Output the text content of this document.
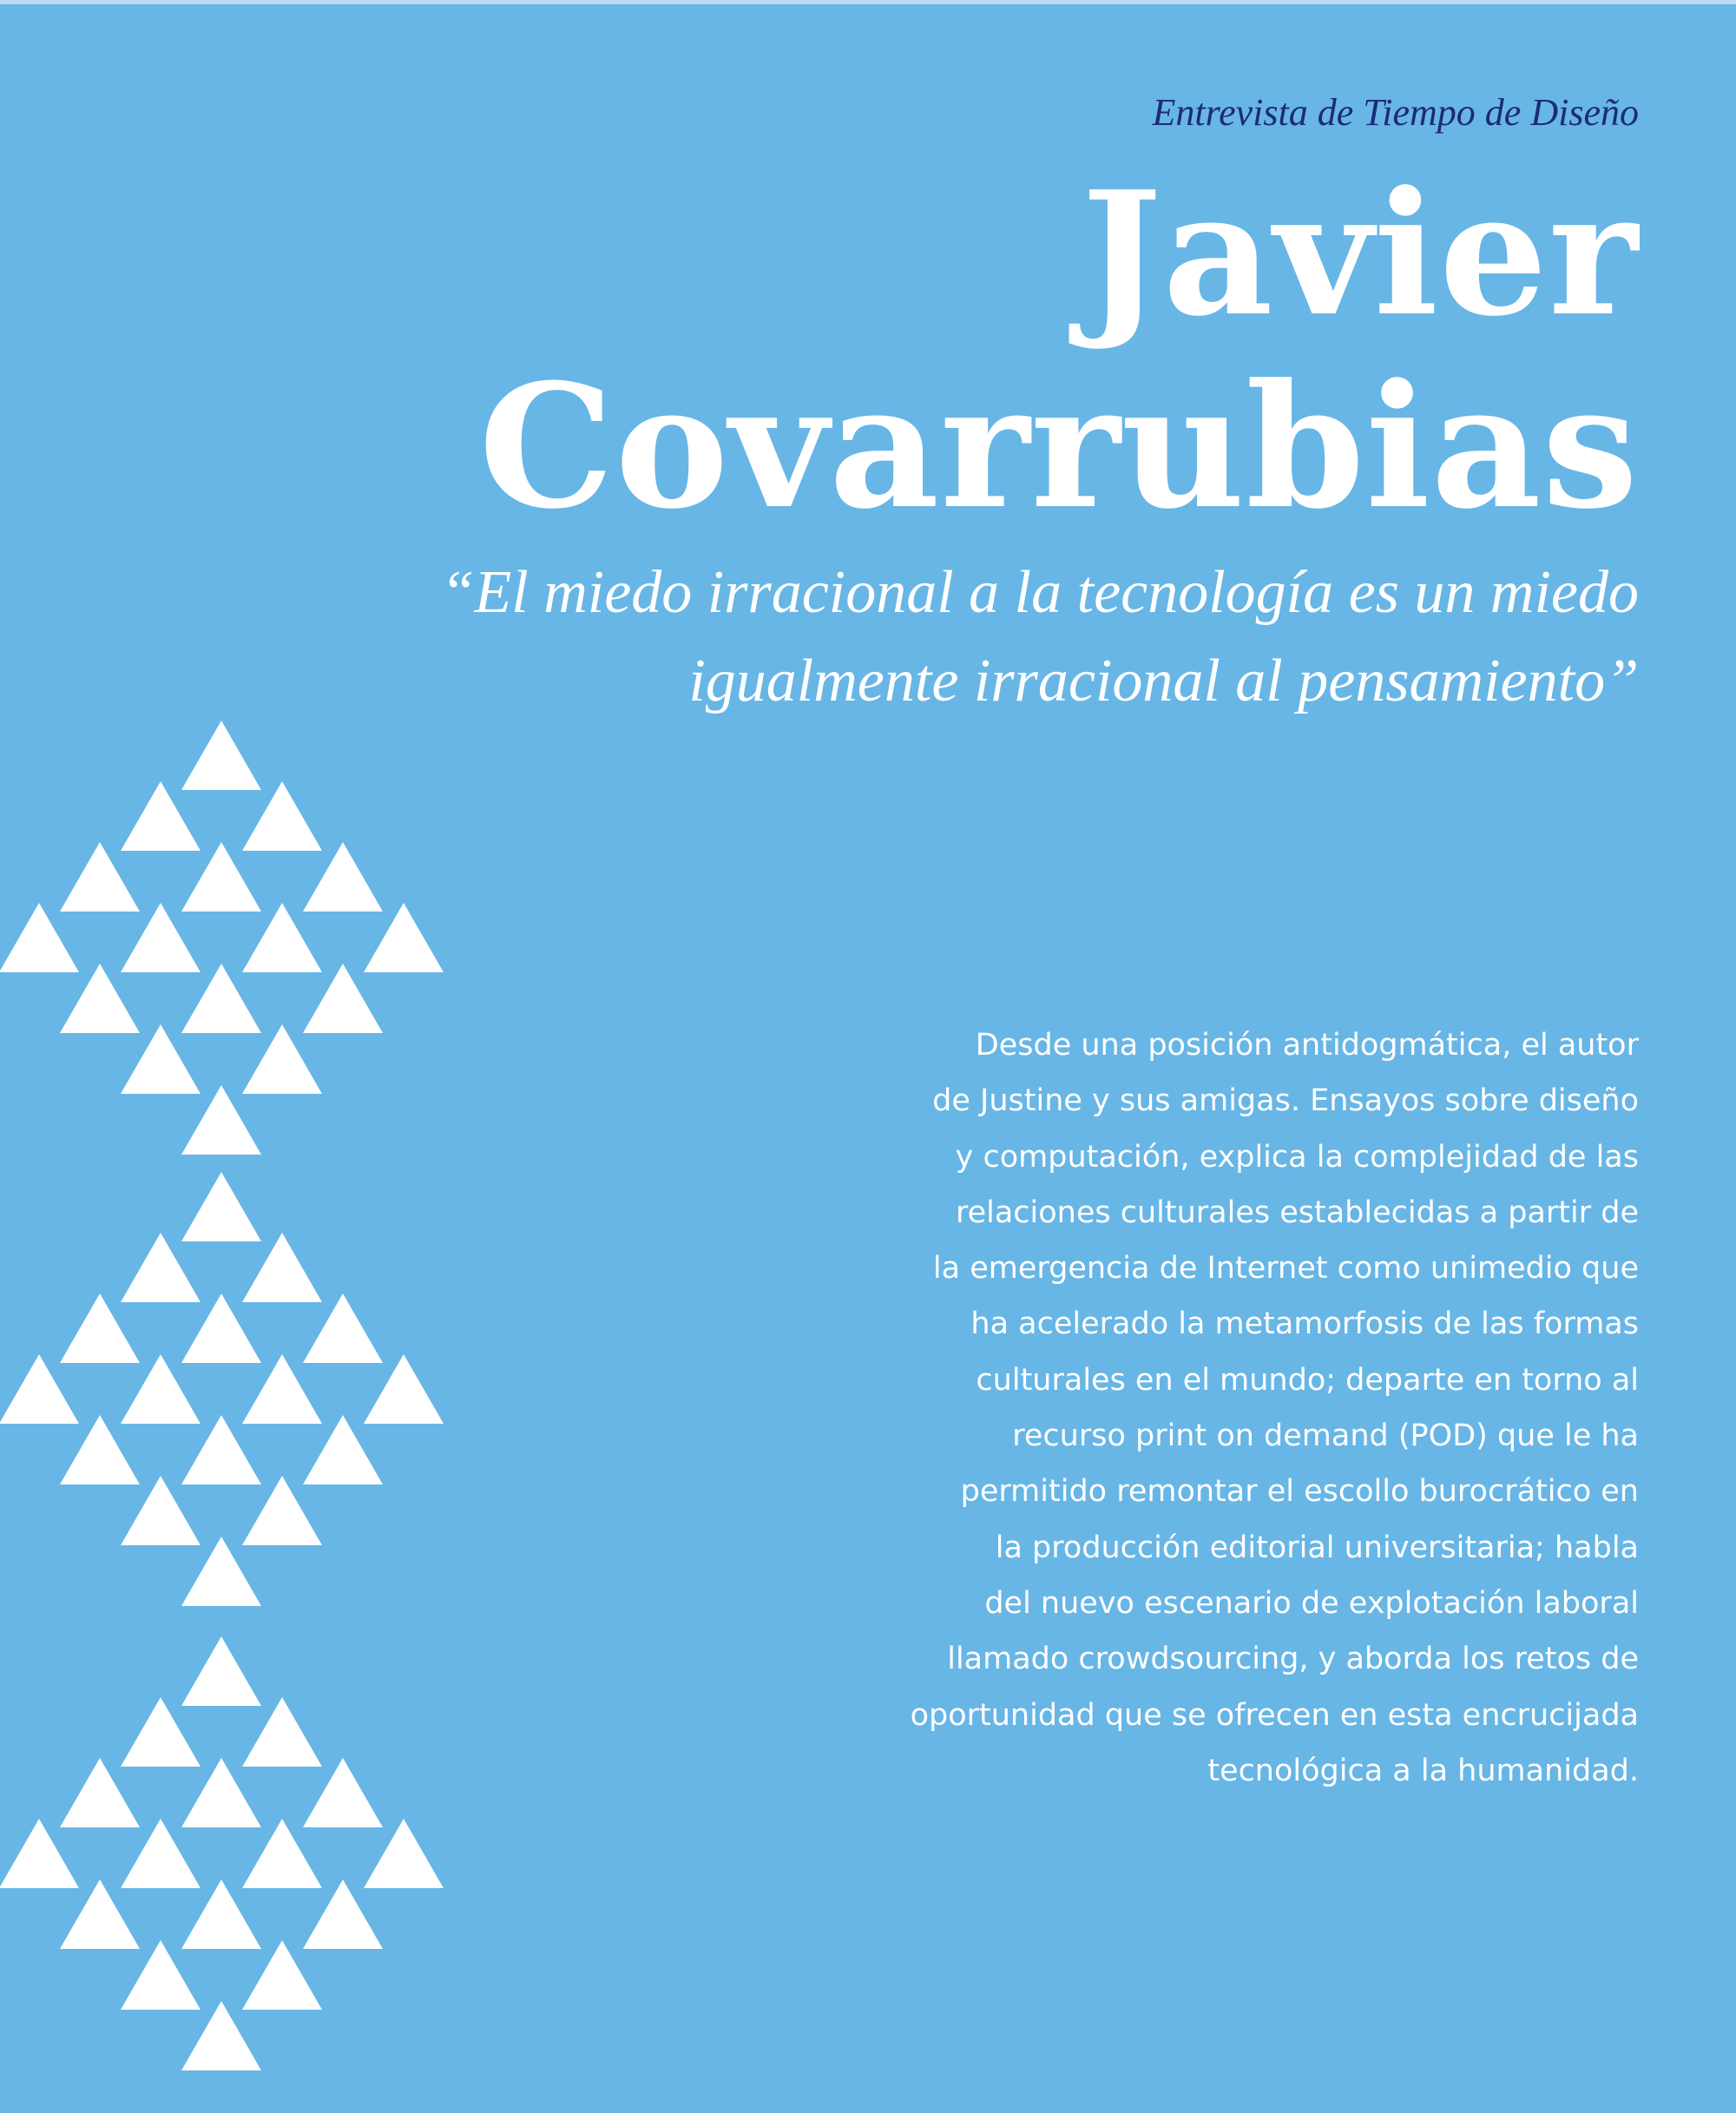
Entrevista de Tiempo de Diseño

Javier
Covarrubias

“El miedo irracional a la tecnología es un miedo
igualmente irracional al pensamiento”

Desde una posición antidogmática, el autor
de Justine y sus amigas. Ensayos sobre diseño
y computación, explica la complejidad de las
relaciones culturales establecidas a partir de
la emergencia de Internet como unimedio que
ha acelerado la metamorfosis de las formas
culturales en el mundo; departe en torno al
recurso print on demand (POD) que le ha
permitido remontar el escollo burocrático en
la producción editorial universitaria; habla
del nuevo escenario de explotación laboral
llamado crowdsourcing, y aborda los retos de
oportunidad que se ofrecen en esta encrucijada
tecnológica a la humanidad.
